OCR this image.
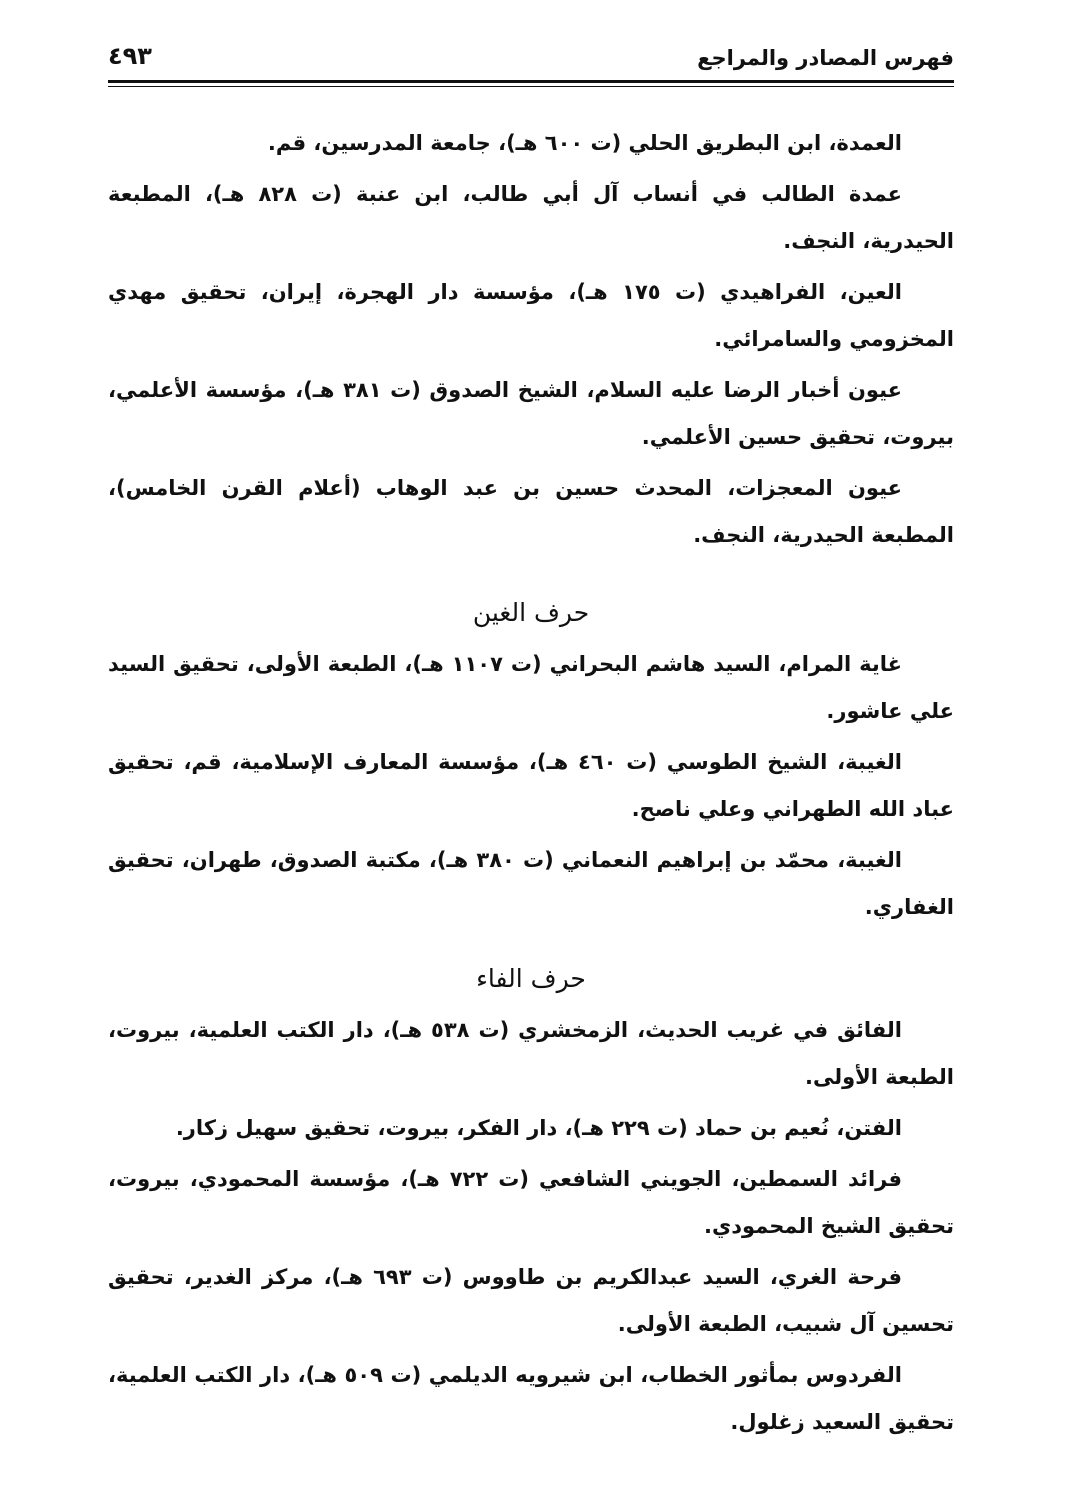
فهرس المصادر والمراجع
٤٩٣

العمدة، ابن البطريق الحلي (ت ٦٠٠ هـ)، جامعة المدرسين، قم.

عمدة الطالب في أنساب آل أبي طالب، ابن عنبة (ت ٨٢٨ هـ)، المطبعة الحيدرية، النجف.

العين، الفراهيدي (ت ١٧٥ هـ)، مؤسسة دار الهجرة، إيران، تحقيق مهدي المخزومي والسامرائي.

عيون أخبار الرضا عليه السلام، الشيخ الصدوق (ت ٣٨١ هـ)، مؤسسة الأعلمي، بيروت، تحقيق حسين الأعلمي.

عيون المعجزات، المحدث حسين بن عبد الوهاب (أعلام القرن الخامس)، المطبعة الحيدرية، النجف.

حرف الغين

غاية المرام، السيد هاشم البحراني (ت ١١٠٧ هـ)، الطبعة الأولى، تحقيق السيد علي عاشور.

الغيبة، الشيخ الطوسي (ت ٤٦٠ هـ)، مؤسسة المعارف الإسلامية، قم، تحقيق عباد الله الطهراني وعلي ناصح.

الغيبة، محمّد بن إبراهيم النعماني (ت ٣٨٠ هـ)، مكتبة الصدوق، طهران، تحقيق الغفاري.

حرف الفاء

الفائق في غريب الحديث، الزمخشري (ت ٥٣٨ هـ)، دار الكتب العلمية، بيروت، الطبعة الأولى.

الفتن، نُعيم بن حماد (ت ٢٢٩ هـ)، دار الفكر، بيروت، تحقيق سهيل زكار.

فرائد السمطين، الجويني الشافعي (ت ٧٢٢ هـ)، مؤسسة المحمودي، بيروت، تحقيق الشيخ المحمودي.

فرحة الغري، السيد عبدالكريم بن طاووس (ت ٦٩٣ هـ)، مركز الغدير، تحقيق تحسين آل شبيب، الطبعة الأولى.

الفردوس بمأثور الخطاب، ابن شيرويه الديلمي (ت ٥٠٩ هـ)، دار الكتب العلمية، تحقيق السعيد زغلول.
